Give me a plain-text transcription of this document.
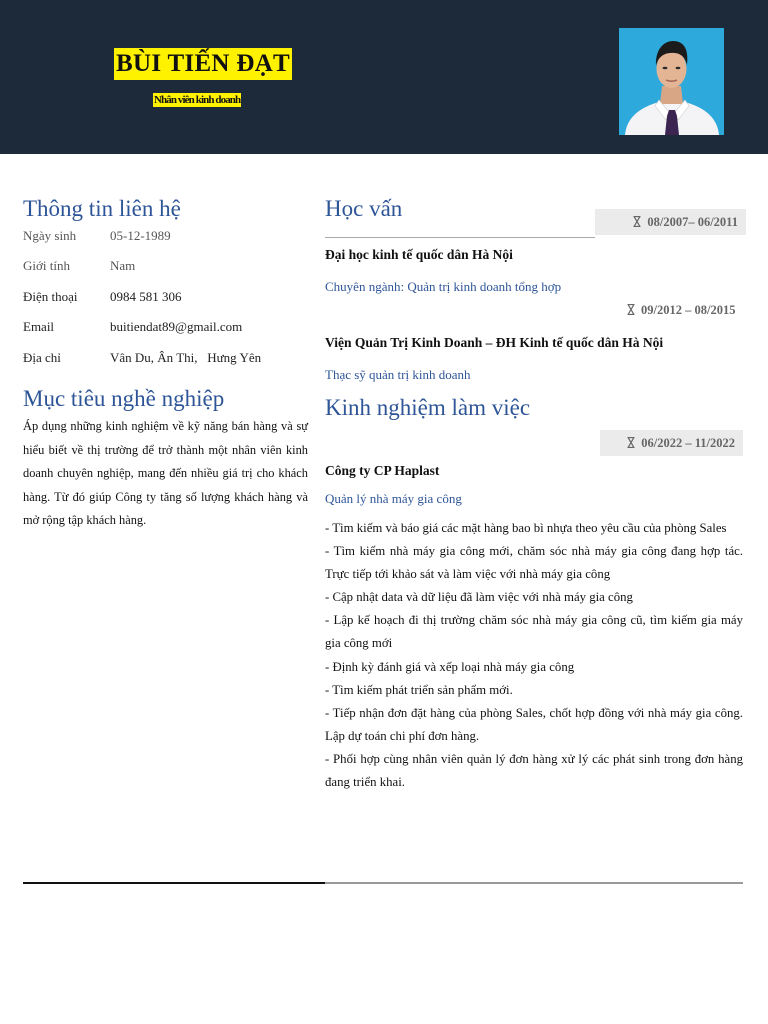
BÙI TIẾN ĐẠT
Nhân viên kinh doanh
Thông tin liên hệ
Ngày sinh	05-12-1989
Giới tính	Nam
Điện thoại 0984 581 306
Email	buitiendat89@gmail.com
Địa chỉ	Vân Du, Ân Thi,   Hưng Yên
Mục tiêu nghề nghiệp

Áp dụng những kinh nghiệm về kỹ năng bán hàng và sự hiểu biết về thị trường để trở thành một nhân viên kinh doanh chuyên nghiệp, mang đến nhiều giá trị cho khách hàng. Từ đó giúp Công ty tăng số lượng khách hàng và mở rộng tập khách hàng.

Học vấn
08/2007– 06/2011
Đại học kinh tế quốc dân Hà Nội
Chuyên ngành: Quản trị kinh doanh tổng hợp
09/2012 – 08/2015
Viện Quản Trị Kinh Doanh – ĐH Kinh tế quốc dân Hà Nội
Thạc sỹ quản trị kinh doanh
Kinh nghiệm làm việc
06/2022 – 11/2022
Công ty CP Haplast
Quản lý nhà máy gia công
- Tìm kiếm và báo giá các mặt hàng bao bì nhựa theo yêu cầu của phòng Sales
- Tìm kiếm nhà máy gia công mới, chăm sóc nhà máy gia công đang hợp tác. Trực tiếp tới khảo sát và làm việc với nhà máy gia công
- Cập nhật data và dữ liệu đã làm việc với nhà máy gia công
- Lập kế hoạch đi thị trường chăm sóc nhà máy gia công cũ, tìm kiếm gia máy gia công mới
- Định kỳ đánh giá và xếp loại nhà máy gia công
- Tìm kiếm phát triển sản phẩm mới.
- Tiếp nhận đơn đặt hàng của phòng Sales, chốt hợp đồng với nhà máy gia công. Lập dự toán chi phí đơn hàng.
- Phối hợp cùng nhân viên quản lý đơn hàng xử lý các phát sinh trong đơn hàng đang triển khai.
